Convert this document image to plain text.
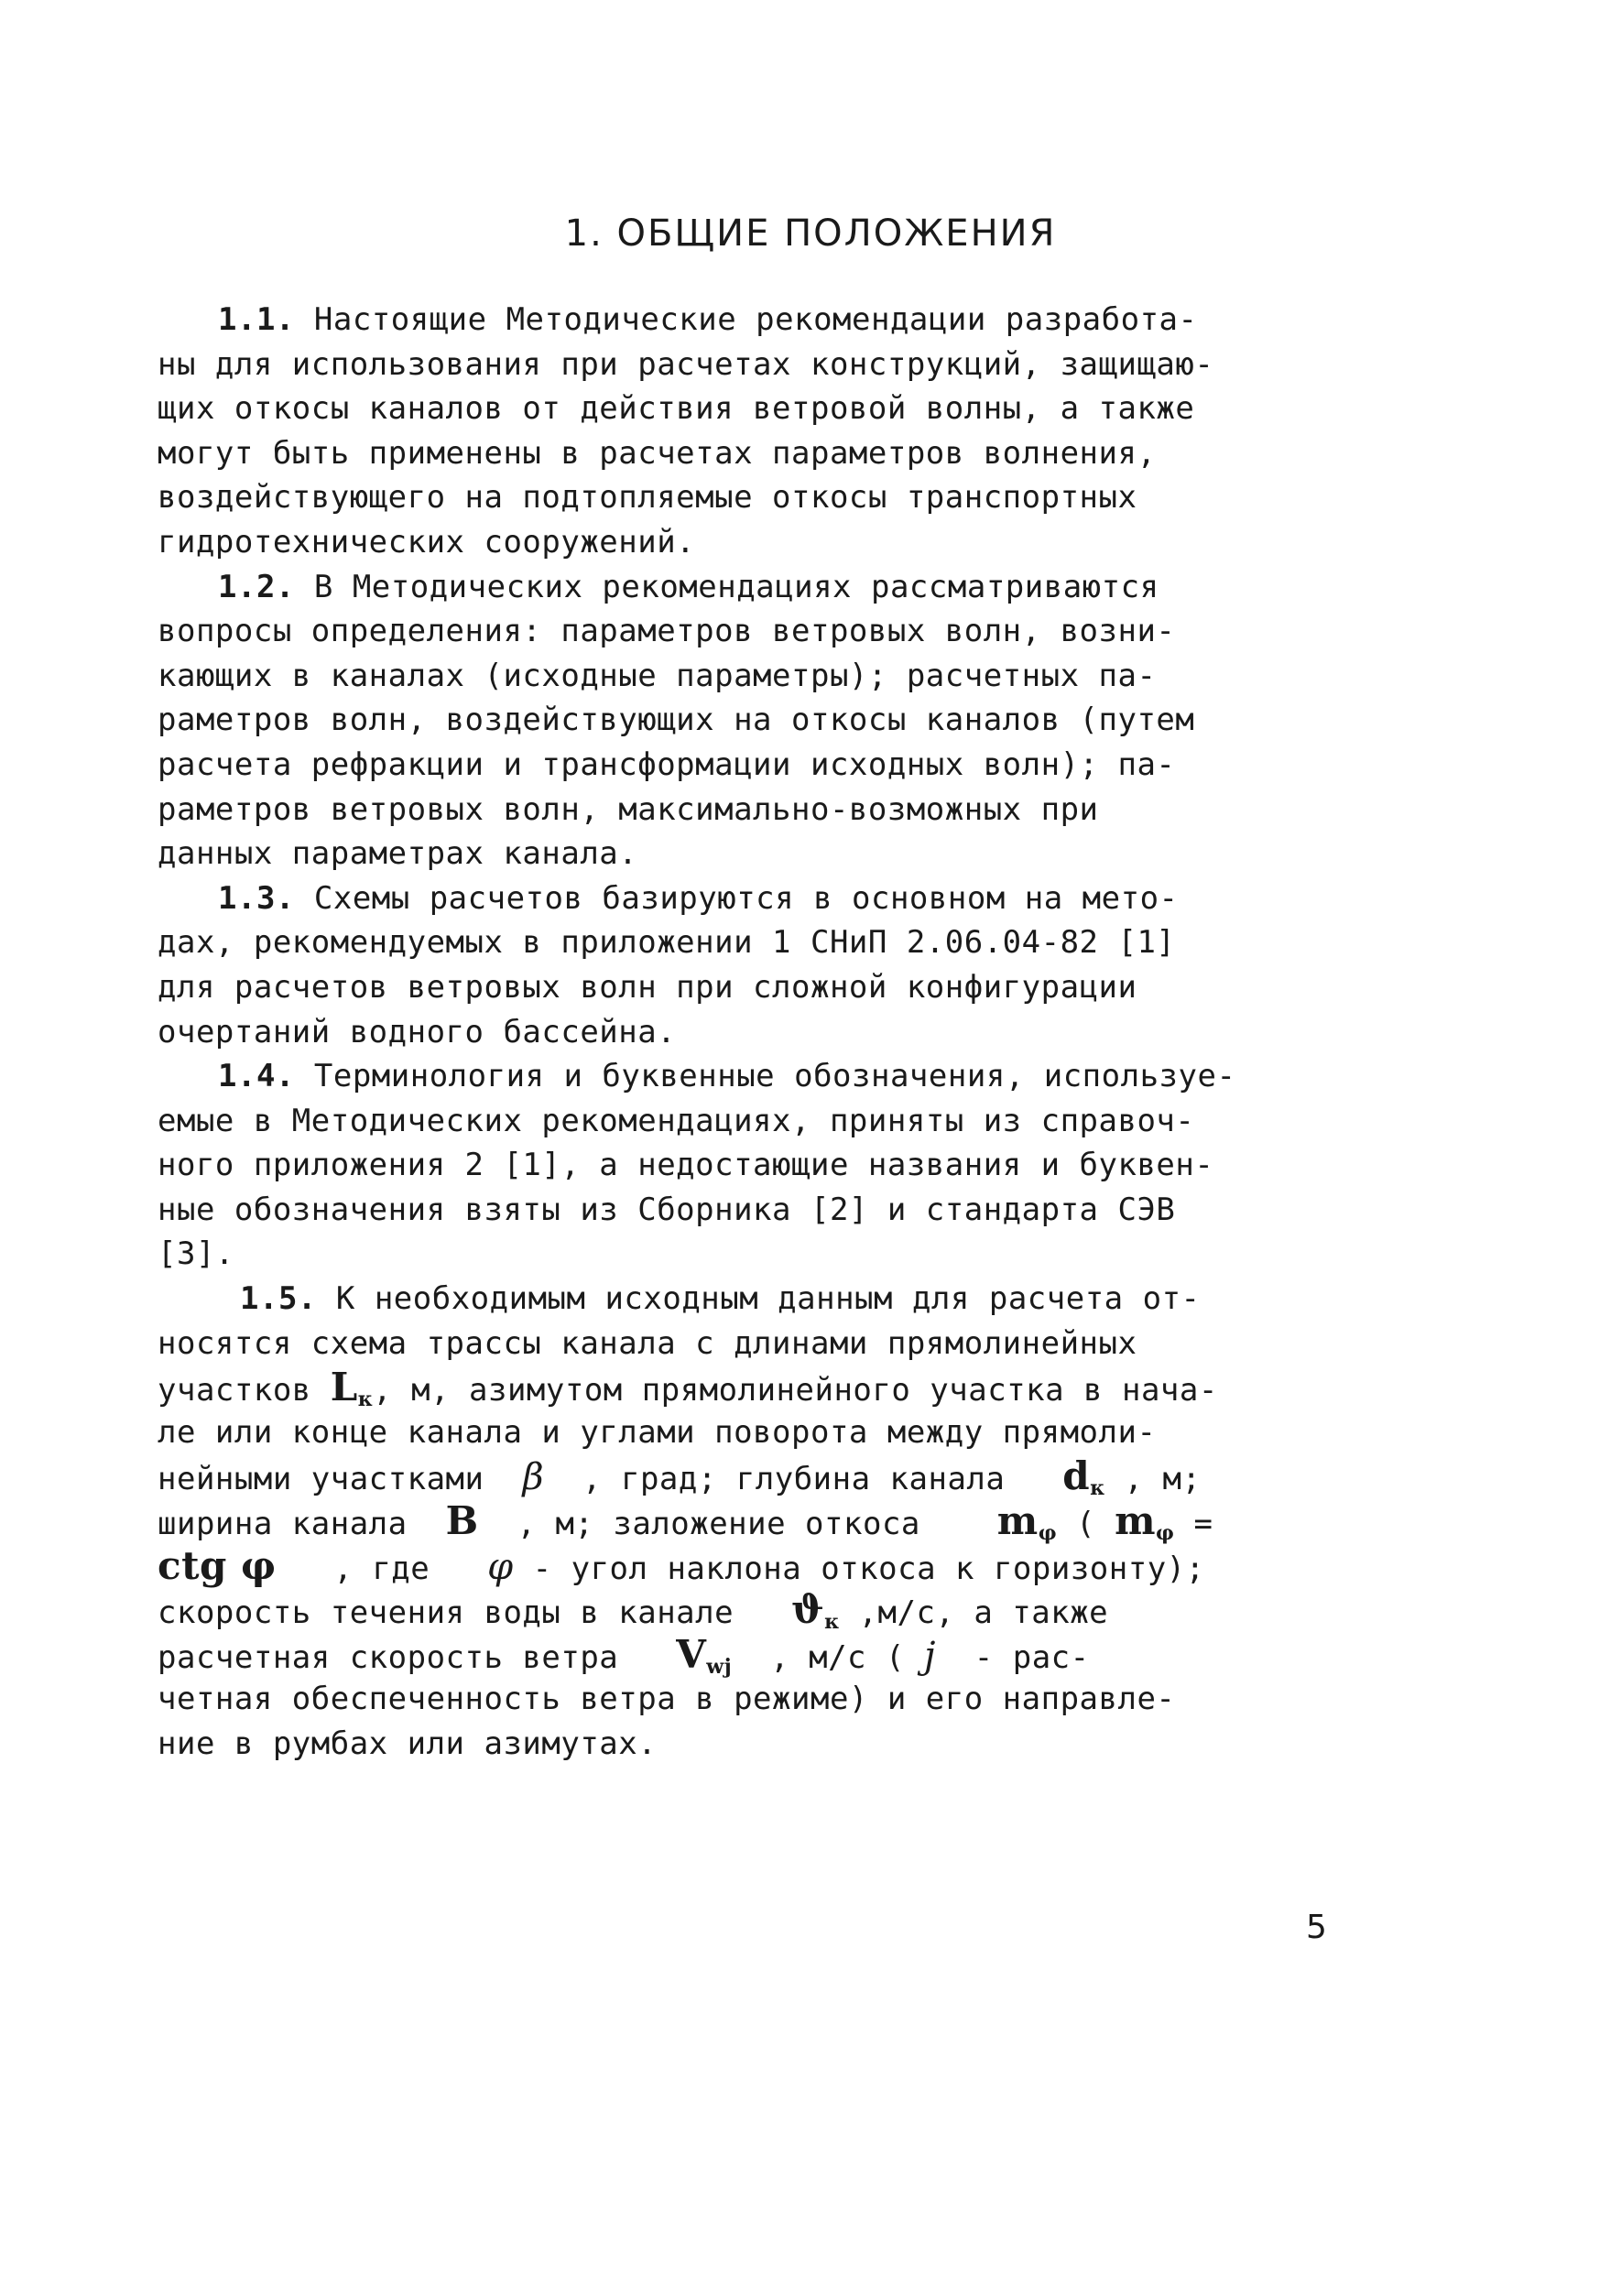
1. ОБЩИЕ ПОЛОЖЕНИЯ
1.1. Настоящие Методические рекомендации разработа-
ны для использования при расчетах конструкций, защищаю-
щих откосы каналов от действия ветровой волны, а также
могут быть применены в расчетах параметров волнения,
воздействующего на подтопляемые откосы транспортных
гидротехнических сооружений.
1.2. В Методических рекомендациях рассматриваются
вопросы определения: параметров ветровых волн, возни-
кающих в каналах (исходные параметры); расчетных па-
раметров волн, воздействующих на откосы каналов (путем
расчета рефракции и трансформации исходных волн); па-
раметров ветровых волн, максимально-возможных при
данных параметрах канала.
1.3. Схемы расчетов базируются в основном на мето-
дах, рекомендуемых в приложении 1 СНиП 2.06.04-82 [1]
для расчетов ветровых волн при сложной конфигурации
очертаний водного бассейна.
1.4. Терминология и буквенные обозначения, используе-
емые в Методических рекомендациях, приняты из справоч-
ного приложения 2 [1], а недостающие названия и буквен-
ные обозначения взяты из Сборника [2] и стандарта СЭВ
[3].
1.5. К необходимым исходным данным для расчета от-
носятся схема трассы канала с длинами прямолинейных
участков $L_к$, м, азимутом прямолинейного участка в нача-
ле или конце канала и углами поворота между прямоли-
нейными участками β , град; глубина канала $d_к$ , м;
ширина канала B , м; заложение откоса $m_\varphi$ ( $m_\varphi$ =
ctg φ , где φ - угол наклона откоса к горизонту);
скорость течения воды в канале $ϑ_к$ ,м/с, а также
расчетная скорость ветра $V_{wj}$ , м/с ( j - рас-
четная обеспеченность ветра в режиме) и его направле-
ние в румбах или азимутах.
5
